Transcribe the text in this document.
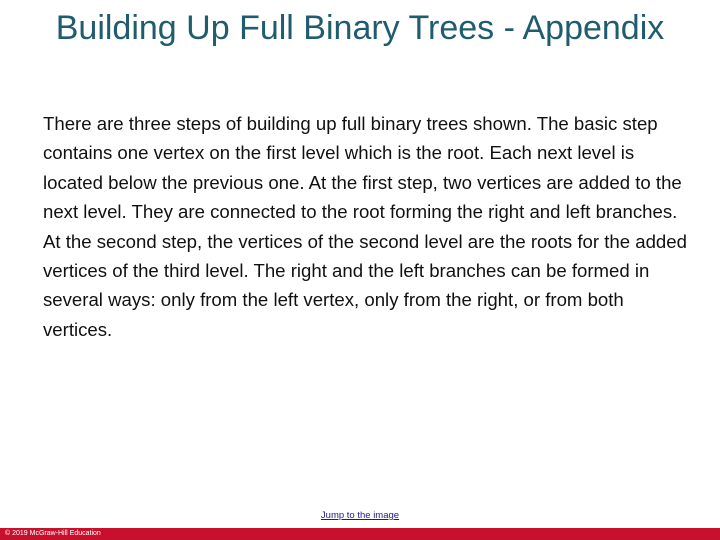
Building Up Full Binary Trees - Appendix

There are three steps of building up full binary trees shown. The basic step contains one vertex on the first level which is the root. Each next level is located below the previous one. At the first step, two vertices are added to the next level. They are connected to the root forming the right and left branches. At the second step, the vertices of the second level are the roots for the added vertices of the third level. The right and the left branches can be formed in several ways: only from the left vertex, only from the right, or from both vertices.

Jump to the image
© 2019 McGraw-Hill Education
